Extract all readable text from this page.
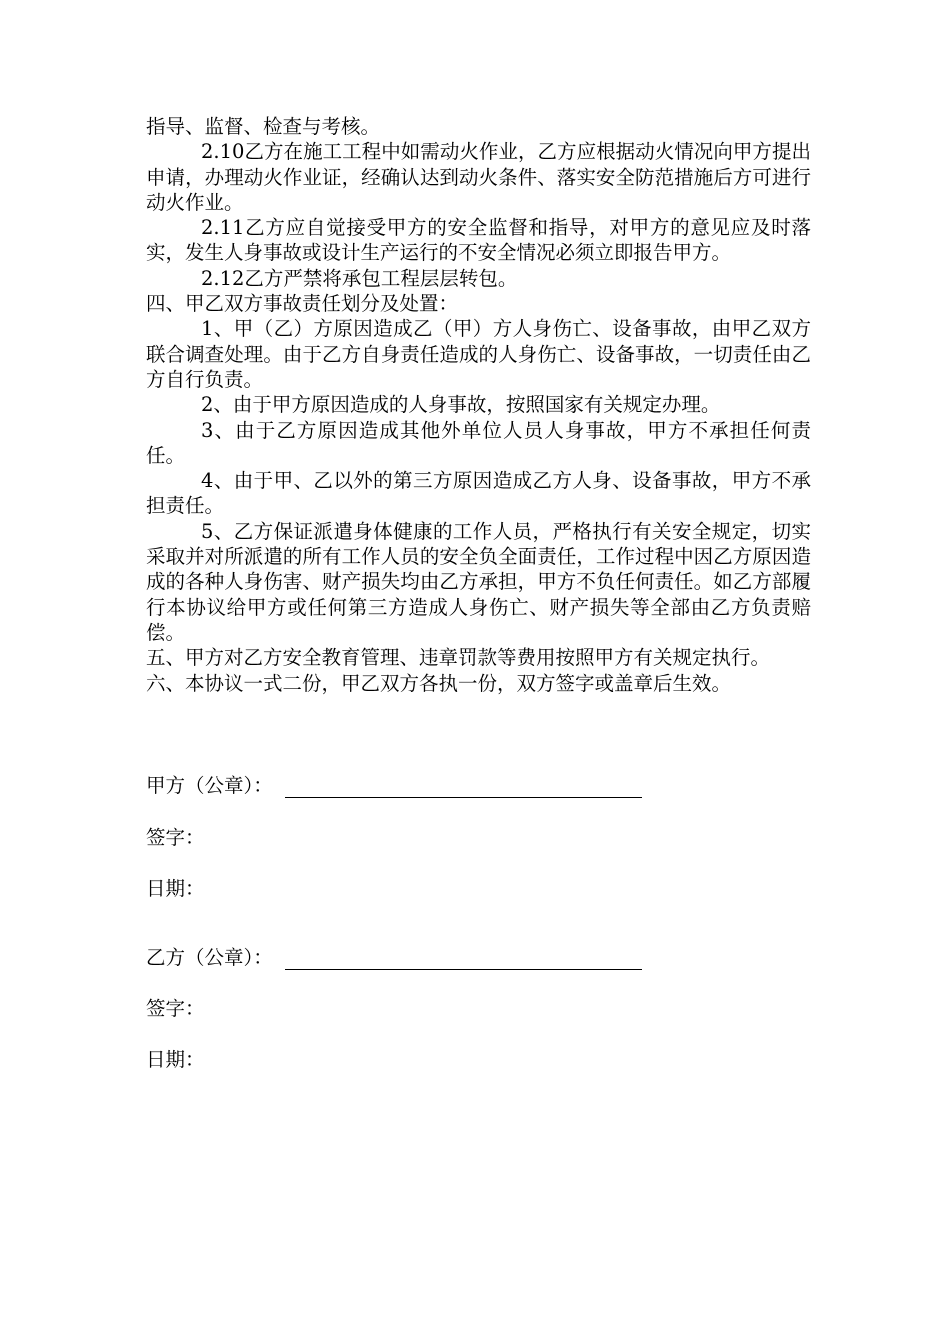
指导、监督、检查与考核。

2.10乙方在施工工程中如需动火作业，乙方应根据动火情况向甲方提出申请，办理动火作业证，经确认达到动火条件、落实安全防范措施后方可进行动火作业。

2.11乙方应自觉接受甲方的安全监督和指导，对甲方的意见应及时落实，发生人身事故或设计生产运行的不安全情况必须立即报告甲方。

2.12乙方严禁将承包工程层层转包。

四、甲乙双方事故责任划分及处置：

1、甲（乙）方原因造成乙（甲）方人身伤亡、设备事故，由甲乙双方联合调查处理。由于乙方自身责任造成的人身伤亡、设备事故，一切责任由乙方自行负责。

2、由于甲方原因造成的人身事故，按照国家有关规定办理。

3、由于乙方原因造成其他外单位人员人身事故，甲方不承担任何责任。

4、由于甲、乙以外的第三方原因造成乙方人身、设备事故，甲方不承担责任。

5、乙方保证派遣身体健康的工作人员，严格执行有关安全规定，切实采取并对所派遣的所有工作人员的安全负全面责任，工作过程中因乙方原因造成的各种人身伤害、财产损失均由乙方承担，甲方不负任何责任。如乙方部履行本协议给甲方或任何第三方造成人身伤亡、财产损失等全部由乙方负责赔偿。

五、甲方对乙方安全教育管理、违章罚款等费用按照甲方有关规定执行。

六、本协议一式二份，甲乙双方各执一份，双方签字或盖章后生效。

甲方（公章）：
签字：
日期：
乙方（公章）：
签字：
日期：
